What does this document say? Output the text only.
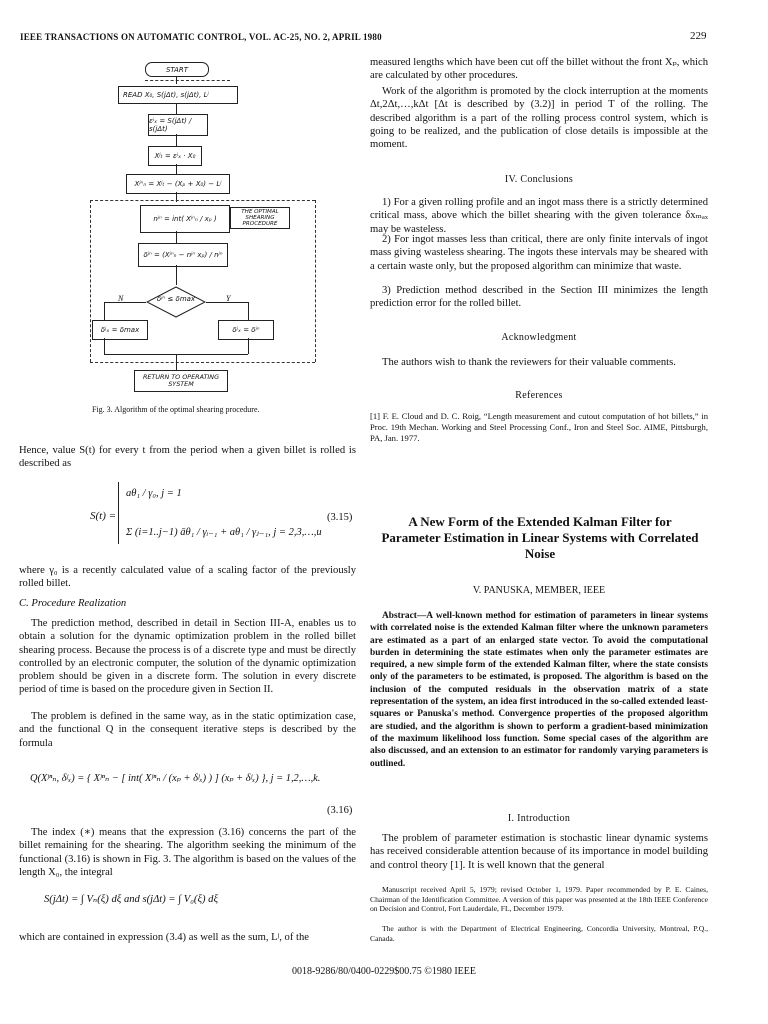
IEEE TRANSACTIONS ON AUTOMATIC CONTROL, VOL. AC-25, NO. 2, APRIL 1980	229
START
READ X₀, S(jΔt), s(jΔt), Lʲ
εʲₓ = S(jΔt) / s(jΔt)
Xʲₜ = εʲₓ · X₀
Xʲⁿₙ = Xʲₜ − (Xₚ + X₀) − Lʲ
nʲⁿ = int( Xʲⁿₙ / xₚ )
THE OPTIMAL SHEARING PROCEDURE
δʲⁿ = (Xʲⁿₙ − nʲⁿ xₚ) / nʲⁿ
δʲⁿ ≤ δmax
N	Y
δʲₓ = δmax	δʲₓ = δʲⁿ
RETURN TO OPERATING SYSTEM
Fig. 3. Algorithm of the optimal shearing procedure.
Hence, value S(t) for every t from the period when a given billet is rolled is described as
S(t) =
aθ₁ / γ₀, j = 1
Σ (i=1..j−1) āθ₁ / γᵢ₋₁ + aθ₁ / γⱼ₋₁, j = 2,3,…,u
(3.15)
where γ₀ is a recently calculated value of a scaling factor of the previously rolled billet.
C. Procedure Realization
The prediction method, described in detail in Section III-A, enables us to obtain a solution for the dynamic optimization problem in the rolled billet shearing process. Because the process is of a discrete type and must be directly controlled by an electronic computer, the solution of the dynamic optimization problem should be given in a discrete form. The solution in every discrete period of time is based on the procedure given in Section II.
The problem is defined in the same way, as in the static optimization case, and the functional Q in the consequent iterative steps is described by the formula
Q(Xʲⁿₙ, δʲₓ) = { Xʲⁿₙ − [ int( Xʲⁿₙ / (xₚ + δʲₓ) ) ] (xₚ + δʲₓ) }, j = 1,2,…,k.
(3.16)
The index (∗) means that the expression (3.16) concerns the part of the billet remaining for the shearing. The algorithm seeking the minimum of the functional (3.16) is shown in Fig. 3. The algorithm is based on the values of the length X₀, the integral
S(jΔt) = ∫ Vₙ(ξ) dξ and s(jΔt) = ∫ V₀(ξ) dξ
which are contained in expression (3.4) as well as the sum, Lʲ, of the
measured lengths which have been cut off the billet without the front Xₚ, which are calculated by other procedures.
Work of the algorithm is promoted by the clock interruption at the moments Δt,2Δt,…,kΔt [Δt is described by (3.2)] in period T of the rolling. The described algorithm is a part of the rolling process control system, which is going to be realized, and the publication of close details is impossible at the moment.
IV. Conclusions
1) For a given rolling profile and an ingot mass there is a strictly determined critical mass, above which the billet shearing with the given tolerance δxₘₐₓ may be wasteless.
2) For ingot masses less than critical, there are only finite intervals of ingot mass giving wasteless shearing. The ingots these intervals may be sheared with a certain waste only, but the proposed algorithm can minimize that waste.
3) Prediction method described in the Section III minimizes the length prediction error for the rolled billet.
Acknowledgment
The authors wish to thank the reviewers for their valuable comments.
References
[1] F. E. Cloud and D. C. Roig, “Length measurement and cutout computation of hot billets,” in Proc. 19th Mechan. Working and Steel Processing Conf., Iron and Steel Soc. AIME, Pittsburgh, PA, Jan. 1977.
A New Form of the Extended Kalman Filter for Parameter Estimation in Linear Systems with Correlated Noise
V. PANUSKA, MEMBER, IEEE
Abstract—A well-known method for estimation of parameters in linear systems with correlated noise is the extended Kalman filter where the unknown parameters are estimated as a part of an enlarged state vector. To avoid the computational burden in determining the state estimates when only the parameter estimates are required, a new simple form of the extended Kalman filter, where the state consists only of the parameters to be estimated, is proposed. The algorithm is based on the inclusion of the computed residuals in the observation matrix of a state representation of the system, an idea first introduced in the so-called extended least-squares or Panuska's method. Convergence properties of the proposed algorithm are studied, and the algorithm is shown to perform a gradient-based minimization of the maximum likelihood loss function. Some special cases of the algorithm are also discussed, and an extension to an estimator for randomly varying parameters is outlined.
I. Introduction
The problem of parameter estimation is stochastic linear dynamic systems has received considerable attention because of its importance in model building and control theory [1]. It is well known that the general
Manuscript received April 5, 1979; revised October 1, 1979. Paper recommended by P. E. Caines, Chairman of the Identification Committee. A version of this paper was presented at the 18th IEEE Conference on Decision and Control, Fort Lauderdale, FL, December 1979.
The author is with the Department of Electrical Engineering, Concordia University, Montreal, P.Q., Canada.
0018-9286/80/0400-0229$00.75 ©1980 IEEE
